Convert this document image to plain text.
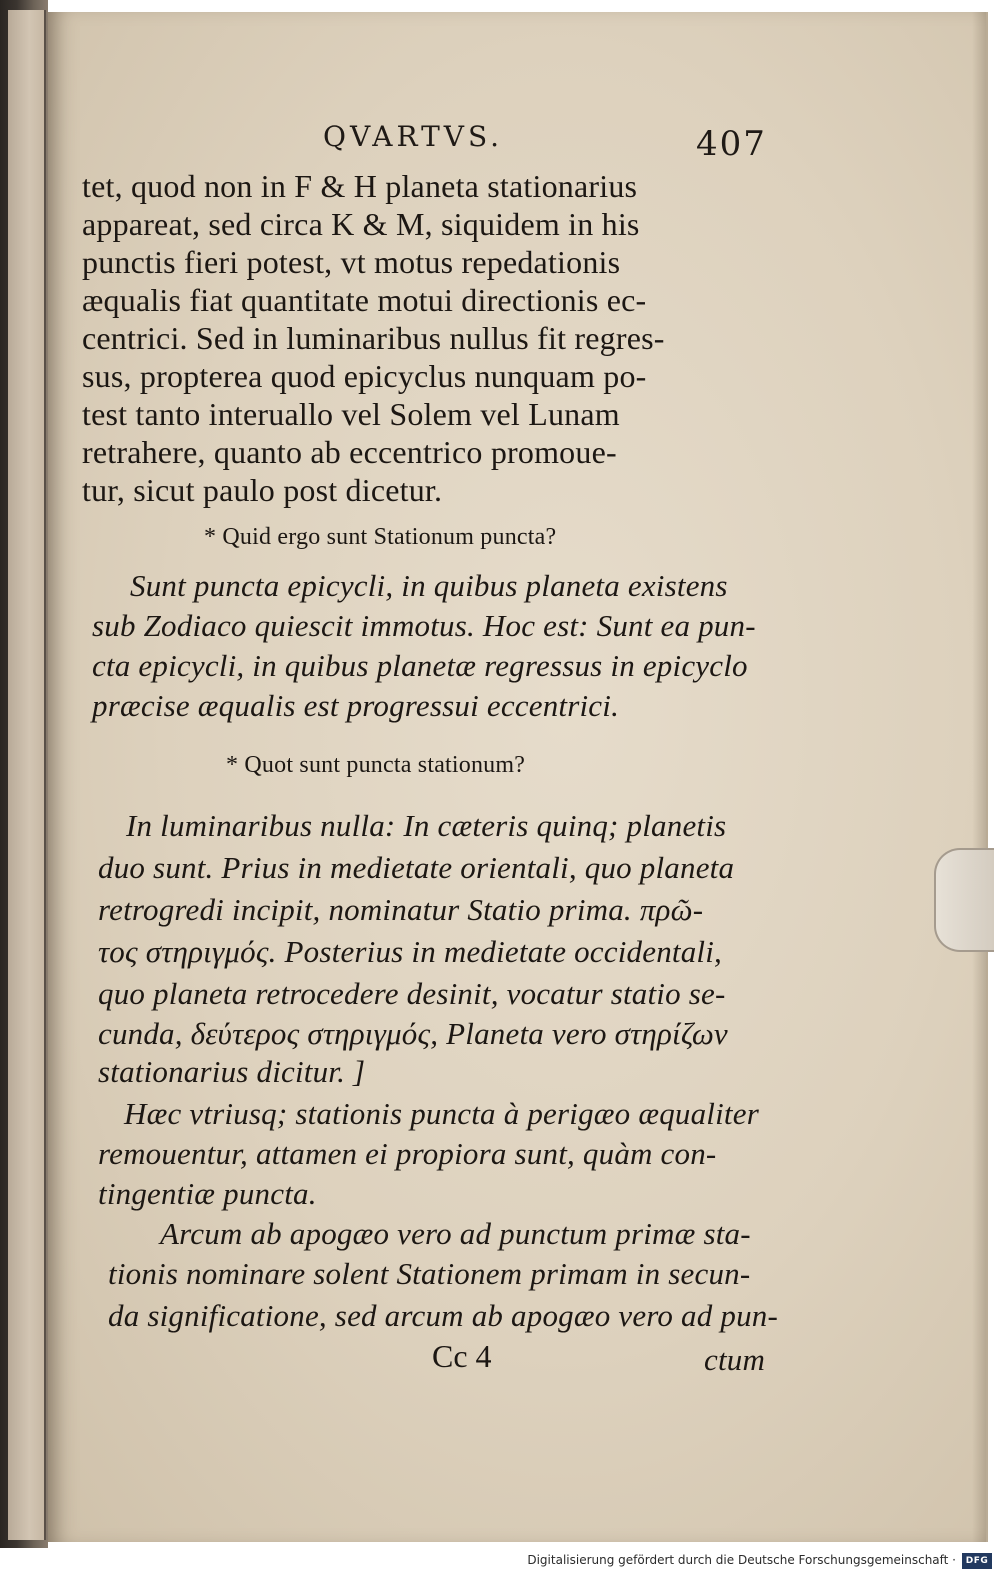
QVARTVS.	407
tet, quod non in F & H planeta stationarius
appareat, sed circa K & M, siquidem in his
punctis fieri potest, vt motus repedationis
æqualis fiat quantitate motui directionis ec-
centrici. Sed in luminaribus nullus fit regres-
sus, propterea quod epicyclus nunquam po-
test tanto interuallo vel Solem vel Lunam
retrahere, quanto ab eccentrico promoue-
tur, sicut paulo post dicetur.
* Quid ergo sunt Stationum puncta?
Sunt puncta epicycli, in quibus planeta existens
sub Zodiaco quiescit immotus. Hoc est: Sunt ea pun-
cta epicycli, in quibus planetæ regressus in epicyclo
præcise æqualis est progressui eccentrici.
* Quot sunt puncta stationum?
In luminaribus nulla: In cæteris quinq; planetis
duo sunt. Prius in medietate orientali, quo planeta
retrogredi incipit, nominatur Statio prima. πρῶ-
τος στηριγμός. Posterius in medietate occidentali,
quo planeta retrocedere desinit, vocatur statio se-
cunda, δεύτερος στηριγμός, Planeta vero στηρίζων
stationarius dicitur. ]
Hæc vtriusq; stationis puncta à perigæo æqualiter
remouentur, attamen ei propiora sunt, quàm con-
tingentiæ puncta.
Arcum ab apogæo vero ad punctum primæ sta-
tionis nominare solent Stationem primam in secun-
da significatione, sed arcum ab apogæo vero ad pun-
Cc 4	ctum
Digitalisierung gefördert durch die Deutsche Forschungsgemeinschaft ·	DFG
